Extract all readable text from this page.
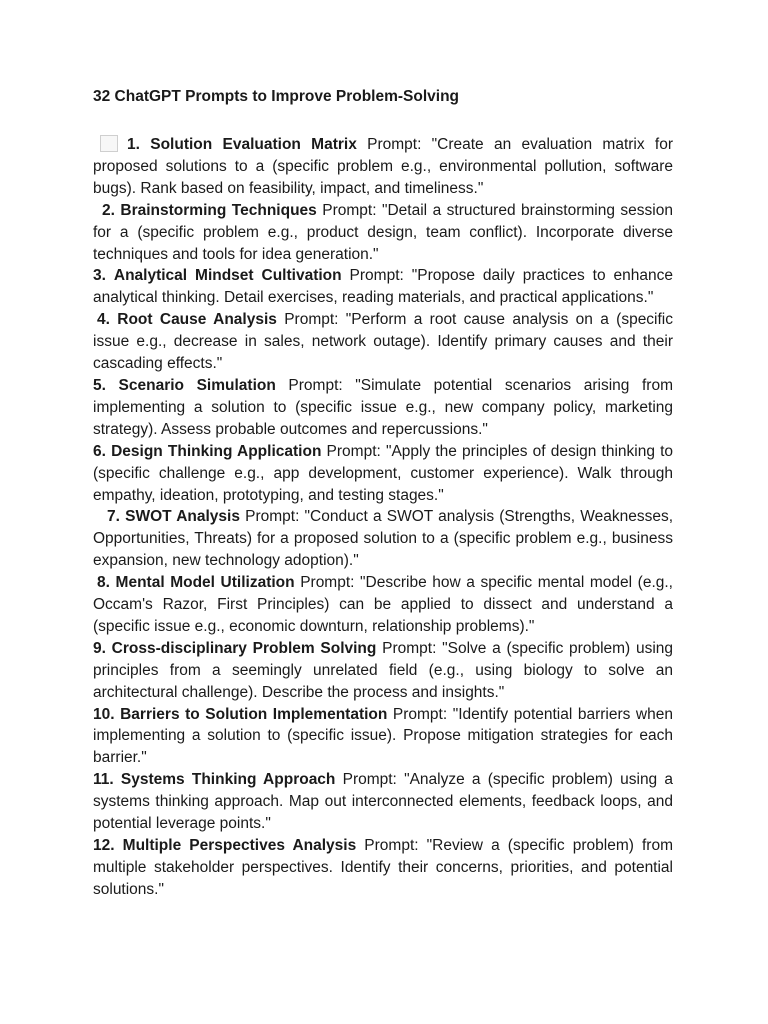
32 ChatGPT Prompts to Improve Problem-Solving

1. Solution Evaluation Matrix Prompt: "Create an evaluation matrix for proposed solutions to a (specific problem e.g., environmental pollution, software bugs). Rank based on feasibility, impact, and timeliness."

2. Brainstorming Techniques Prompt: "Detail a structured brainstorming session for a (specific problem e.g., product design, team conflict). Incorporate diverse techniques and tools for idea generation."

3. Analytical Mindset Cultivation Prompt: "Propose daily practices to enhance analytical thinking. Detail exercises, reading materials, and practical applications."

4. Root Cause Analysis Prompt: "Perform a root cause analysis on a (specific issue e.g., decrease in sales, network outage). Identify primary causes and their cascading effects."

5. Scenario Simulation Prompt: "Simulate potential scenarios arising from implementing a solution to (specific issue e.g., new company policy, marketing strategy). Assess probable outcomes and repercussions."

6. Design Thinking Application Prompt: "Apply the principles of design thinking to (specific challenge e.g., app development, customer experience). Walk through empathy, ideation, prototyping, and testing stages."

7. SWOT Analysis Prompt: "Conduct a SWOT analysis (Strengths, Weaknesses, Opportunities, Threats) for a proposed solution to a (specific problem e.g., business expansion, new technology adoption)."

8. Mental Model Utilization Prompt: "Describe how a specific mental model (e.g., Occam's Razor, First Principles) can be applied to dissect and understand a (specific issue e.g., economic downturn, relationship problems)."

9. Cross-disciplinary Problem Solving Prompt: "Solve a (specific problem) using principles from a seemingly unrelated field (e.g., using biology to solve an architectural challenge). Describe the process and insights."

10. Barriers to Solution Implementation Prompt: "Identify potential barriers when implementing a solution to (specific issue). Propose mitigation strategies for each barrier."

11. Systems Thinking Approach Prompt: "Analyze a (specific problem) using a systems thinking approach. Map out interconnected elements, feedback loops, and potential leverage points."

12. Multiple Perspectives Analysis Prompt: "Review a (specific problem) from multiple stakeholder perspectives. Identify their concerns, priorities, and potential solutions."
